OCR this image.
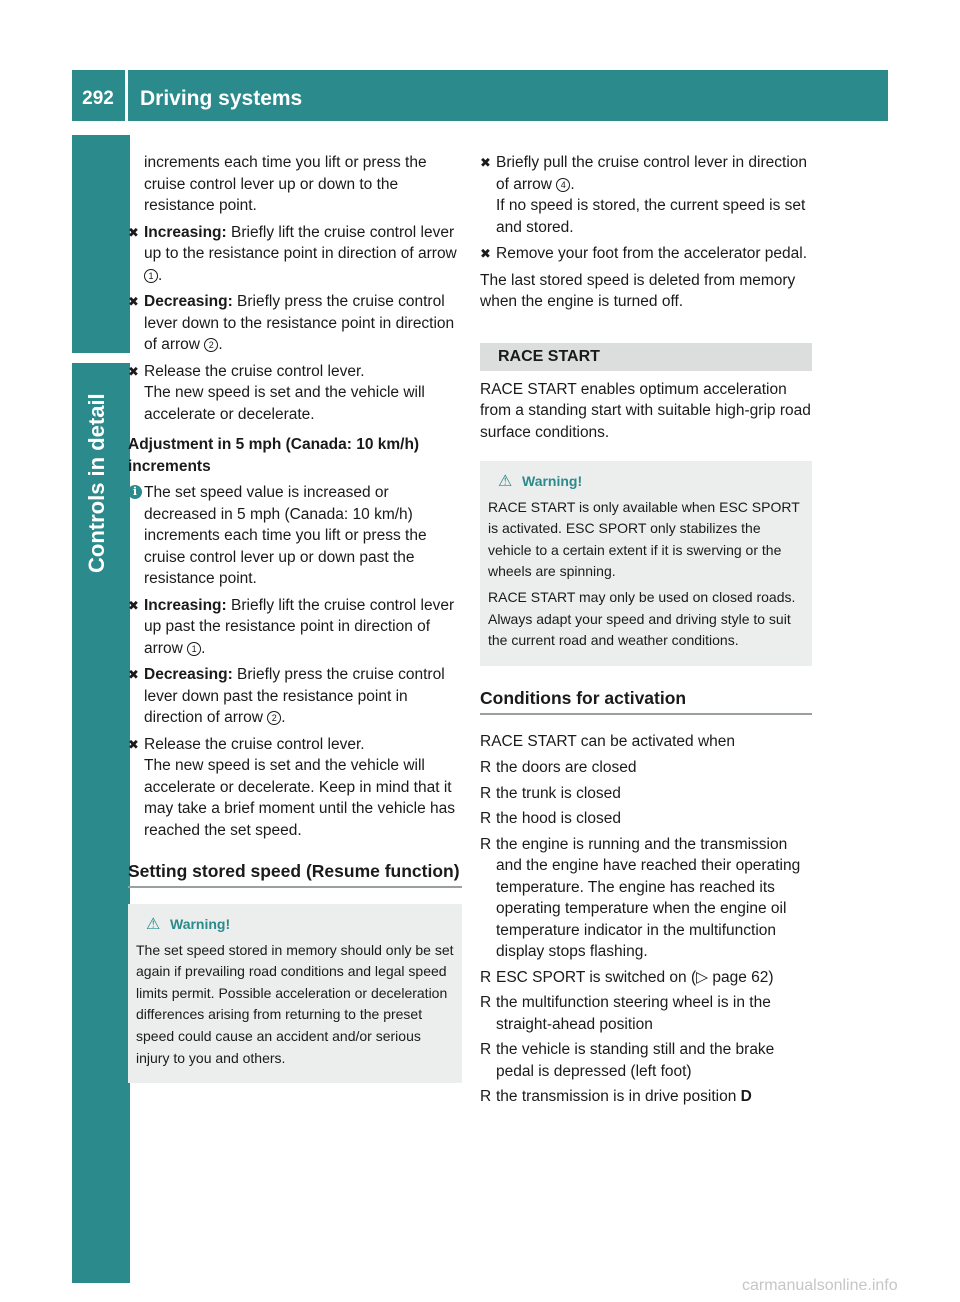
292	Driving systems
Controls in detail

increments each time you lift or press the cruise control lever up or down to the resistance point.

✖ Increasing: Briefly lift the cruise control lever up to the resistance point in direction of arrow 1 .
✖ Decreasing: Briefly press the cruise control lever down to the resistance point in direction of arrow 2 .
✖ Release the cruise control lever.
The new speed is set and the vehicle will accelerate or decelerate.
Adjustment in 5 mph (Canada: 10 km/h) increments
i The set speed value is increased or decreased in 5 mph (Canada: 10 km/h) increments each time you lift or press the cruise control lever up or down past the resistance point.
✖ Increasing: Briefly lift the cruise control lever up past the resistance point in direction of arrow 1 .
✖ Decreasing: Briefly press the cruise control lever down past the resistance point in direction of arrow 2 .
✖ Release the cruise control lever.
The new speed is set and the vehicle will accelerate or decelerate. Keep in mind that it may take a brief moment until the vehicle has reached the set speed.
Setting stored speed (Resume function)
⚠ Warning!

The set speed stored in memory should only be set again if prevailing road conditions and legal speed limits permit. Possible acceleration or deceleration differences arising from returning to the preset speed could cause an accident and/or serious injury to you and others.

✖ Briefly pull the cruise control lever in direction of arrow 4 .
If no speed is stored, the current speed is set and stored.
✖ Remove your foot from the accelerator pedal.

The last stored speed is deleted from memory when the engine is turned off.

RACE START

RACE START enables optimum acceleration from a standing start with suitable high-grip road surface conditions.

⚠ Warning!

RACE START is only available when ESC SPORT is activated. ESC SPORT only stabilizes the vehicle to a certain extent if it is swerving or the wheels are spinning.

RACE START may only be used on closed roads. Always adapt your speed and driving style to suit the current road and weather conditions.

Conditions for activation

RACE START can be activated when

R the doors are closed
R the trunk is closed
R the hood is closed
R the engine is running and the transmission and the engine have reached their operating temperature. The engine has reached its operating temperature when the engine oil temperature indicator in the multifunction display stops flashing.
R ESC SPORT is switched on (▷ page 62)
R the multifunction steering wheel is in the straight-ahead position
R the vehicle is standing still and the brake pedal is depressed (left foot)
R the transmission is in drive position D
carmanualsonline.info
